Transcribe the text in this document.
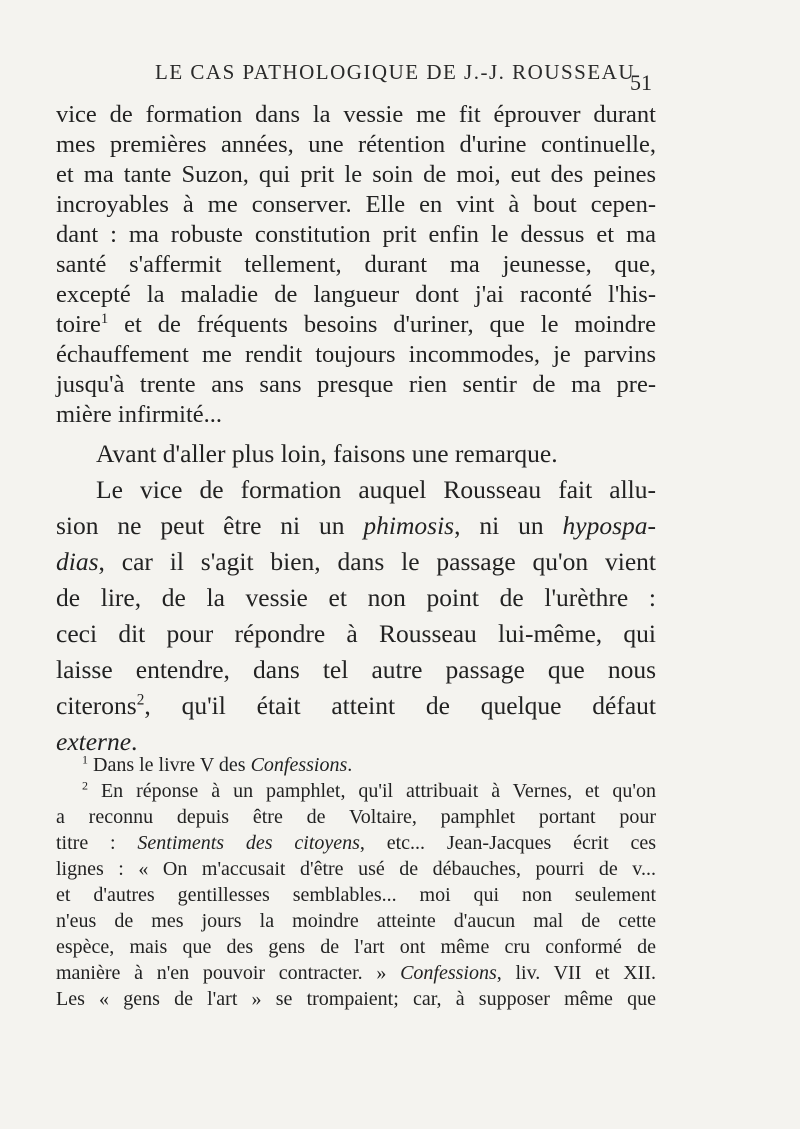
LE CAS PATHOLOGIQUE DE J.-J. ROUSSEAU
51
vice de formation dans la vessie me fit éprouver durant
mes premières années, une rétention d'urine continuelle,
et ma tante Suzon, qui prit le soin de moi, eut des peines
incroyables à me conserver. Elle en vint à bout cepen-
dant : ma robuste constitution prit enfin le dessus et ma
santé s'affermit tellement, durant ma jeunesse, que,
excepté la maladie de langueur dont j'ai raconté l'his-
toire$^1$ et de fréquents besoins d'uriner, que le moindre
échauffement me rendit toujours incommodes, je parvins
jusqu'à trente ans sans presque rien sentir de ma pre-
mière infirmité...
Avant d'aller plus loin, faisons une remarque.
Le vice de formation auquel Rousseau fait allu-
sion ne peut être ni un phimosis, ni un hypospa-
dias, car il s'agit bien, dans le passage qu'on vient
de lire, de la vessie et non point de l'urèthre :
ceci dit pour répondre à Rousseau lui-même, qui
laisse entendre, dans tel autre passage que nous
citerons$^2$, qu'il était atteint de quelque défaut
externe.
$^1$ Dans le livre V des Confessions.
$^2$ En réponse à un pamphlet, qu'il attribuait à Vernes, et qu'on
a reconnu depuis être de Voltaire, pamphlet portant pour
titre : Sentiments des citoyens, etc... Jean-Jacques écrit ces
lignes : « On m'accusait d'être usé de débauches, pourri de v...
et d'autres gentillesses semblables... moi qui non seulement
n'eus de mes jours la moindre atteinte d'aucun mal de cette
espèce, mais que des gens de l'art ont même cru conformé de
manière à n'en pouvoir contracter. » Confessions, liv. VII et XII.
Les « gens de l'art » se trompaient; car, à supposer même que
